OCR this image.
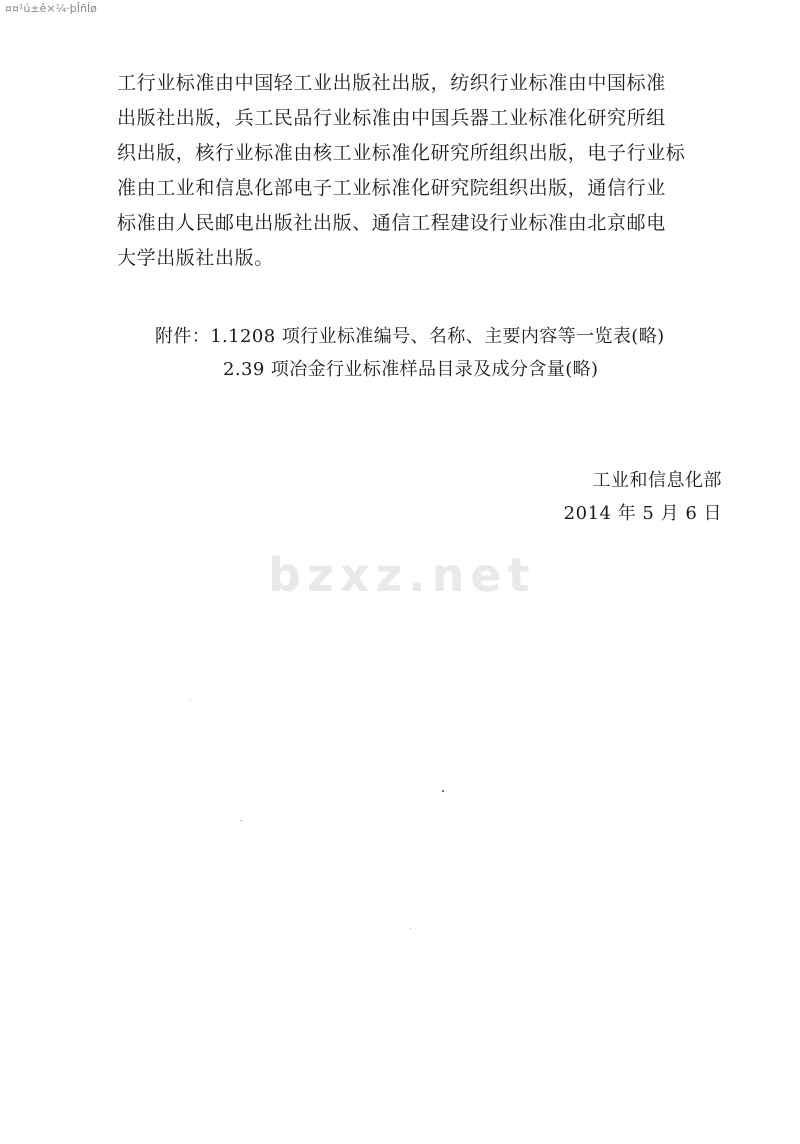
¤¤¹ú±ê×¼·þÎñÍø
bzxz.net
工行业标准由中国轻工业出版社出版，纺织行业标准由中国标准
出版社出版，兵工民品行业标准由中国兵器工业标准化研究所组
织出版，核行业标准由核工业标准化研究所组织出版，电子行业标
准由工业和信息化部电子工业标准化研究院组织出版，通信行业
标准由人民邮电出版社出版、通信工程建设行业标准由北京邮电
大学出版社出版。
附件：1.1208 项行业标准编号、名称、主要内容等一览表(略)
2.39 项冶金行业标准样品目录及成分含量(略)
工业和信息化部
2014 年 5 月 6 日
